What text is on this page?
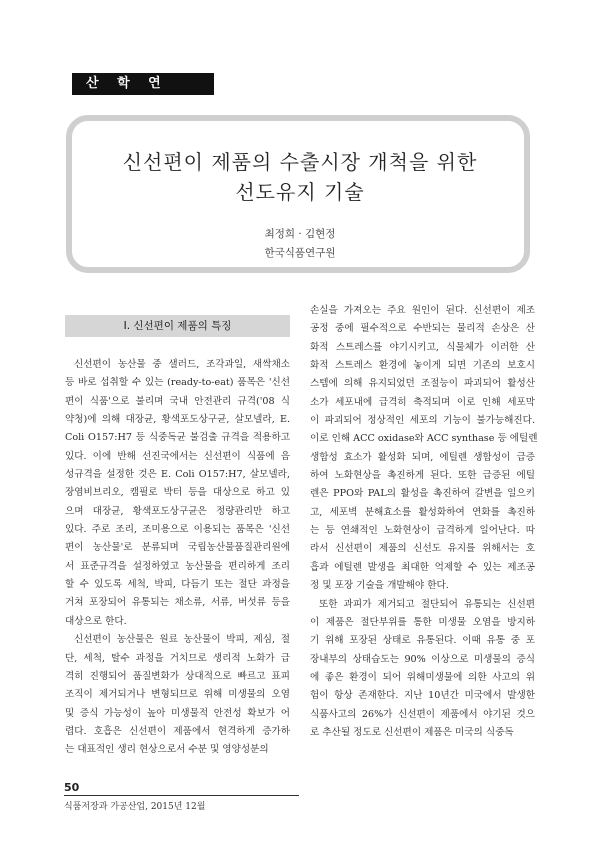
산 학 연 (3)
신선편이 제품의 수출시장 개척을 위한
선도유지 기술
최정희 · 김현정
한국식품연구원
Ⅰ. 신선편이 제품의 특징
신선편이 농산물 중 샐러드, 조각과일, 새싹채소
등 바로 섭취할 수 있는 (ready-to-eat) 품목은 '신선
편이 식품'으로 불리며 국내 안전관리 규격('08 식
약청)에 의해 대장균, 황색포도상구균, 살모넬라, E.
Coli O157:H7 등 식중독균 불검출 규격을 적용하고
있다. 이에 반해 선진국에서는 신선편이 식품에 음
성규격을 설정한 것은 E. Coli O157:H7, 살모넬라,
장염비브리오, 캠필로 박터 등을 대상으로 하고 있
으며 대장균, 황색포도상구균은 정량관리만 하고
있다. 주로 조리, 조미용으로 이용되는 품목은 '신선
편이 농산물'로 분류되며 국립농산물품질관리원에
서 표준규격을 설정하였고 농산물을 편리하게 조리
할 수 있도록 세척, 박피, 다듬기 또는 절단 과정을
거쳐 포장되어 유통되는 채소류, 서류, 버섯류 등을
대상으로 한다.
신선편이 농산물은 원료 농산물이 박피, 제심, 절
단, 세척, 탈수 과정을 거치므로 생리적 노화가 급
격히 진행되어 품질변화가 상대적으로 빠르고 표피
조직이 제거되거나 변형되므로 위해 미생물의 오염
및 증식 가능성이 높아 미생물적 안전성 확보가 어
렵다. 호흡은 신선편이 제품에서 현격하게 증가하
는 대표적인 생리 현상으로서 수분 및 영양성분의
손실을 가져오는 주요 원인이 된다. 신선편이 제조
공정 중에 필수적으로 수반되는 물리적 손상은 산
화적 스트레스를 야기시키고, 식물체가 이러한 산
화적 스트레스 환경에 놓이게 되면 기존의 보호시
스템에 의해 유지되었던 조절능이 파괴되어 활성산
소가 세포내에 급격히 축적되며 이로 인해 세포막
이 파괴되어 정상적인 세포의 기능이 불가능해진다.
이로 인해 ACC oxidase와 ACC synthase 등 에틸렌
생합성 효소가 활성화 되며, 에틸렌 생합성이 급증
하여 노화현상을 촉진하게 된다. 또한 급증된 에틸
렌은 PPO와 PAL의 활성을 촉진하여 갈변을 일으키
고, 세포벽 분해효소를 활성화하여 연화를 촉진하
는 등 연쇄적인 노화현상이 급격하게 일어난다. 따
라서 신선편이 제품의 신선도 유지를 위해서는 호
흡과 에틸렌 발생을 최대한 억제할 수 있는 제조공
정 및 포장 기술을 개발해야 한다.
또한 과피가 제거되고 절단되어 유통되는 신선편
이 제품은 절단부위를 통한 미생물 오염을 방지하
기 위해 포장된 상태로 유통된다. 이때 유통 중 포
장내부의 상태습도는 90% 이상으로 미생물의 증식
에 좋은 환경이 되어 위해미생물에 의한 사고의 위
험이 항상 존재한다. 지난 10년간 미국에서 발생한
식품사고의 26%가 신선편이 제품에서 야기된 것으
로 추산될 정도로 신선편이 제품은 미국의 식중독
50
식품저장과 가공산업, 2015년 12월
